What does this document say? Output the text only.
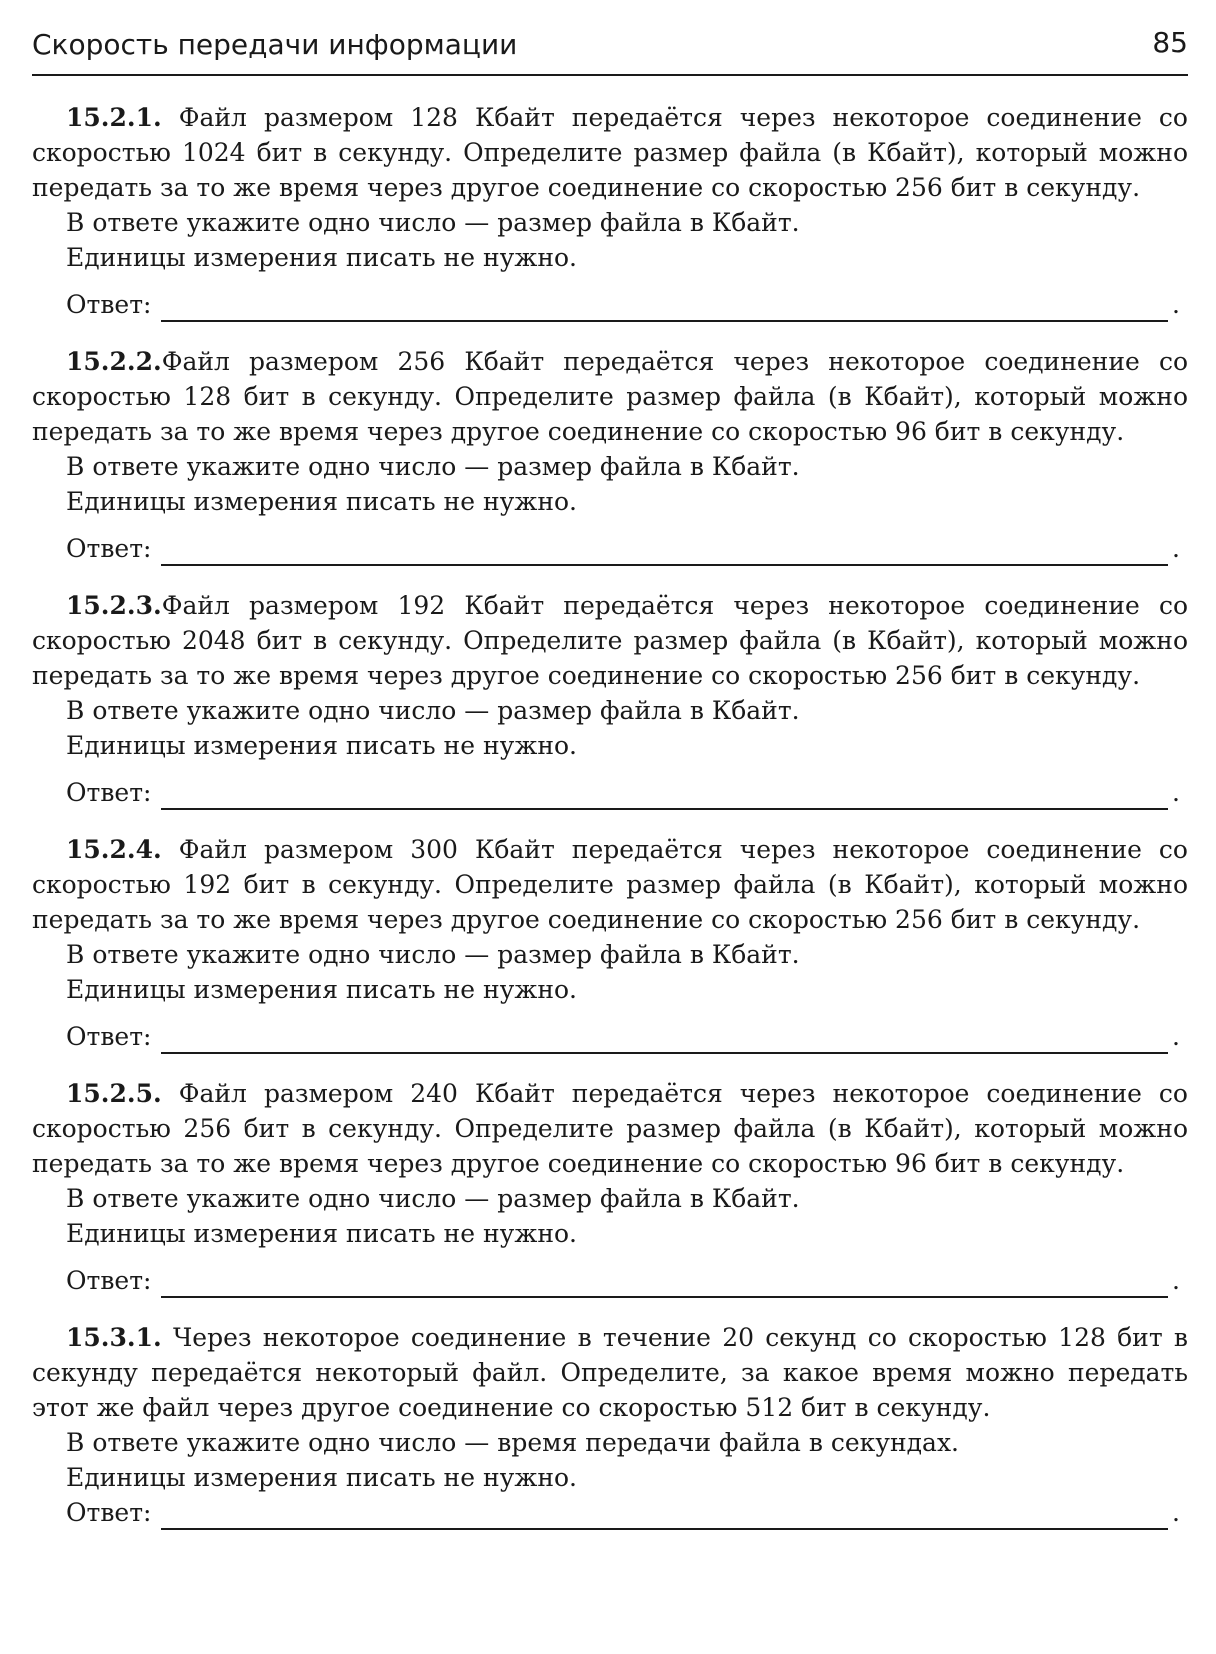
Скорость передачи информации	85

15.2.1. Файл размером 128 Кбайт передаётся через некоторое соединение со скоростью 1024 бит в секунду. Определите размер файла (в Кбайт), который можно передать за то же время через другое соединение со скоростью 256 бит в секунду.

В ответе укажите одно число — размер файла в Кбайт.

Единицы измерения писать не нужно.

Ответ:	.

15.2.2.Файл размером 256 Кбайт передаётся через некоторое соединение со скоростью 128 бит в секунду. Определите размер файла (в Кбайт), который можно передать за то же время через другое соединение со скоростью 96 бит в секунду.

В ответе укажите одно число — размер файла в Кбайт.

Единицы измерения писать не нужно.

Ответ:	.

15.2.3.Файл размером 192 Кбайт передаётся через некоторое соединение со скоростью 2048 бит в секунду. Определите размер файла (в Кбайт), который можно передать за то же время через другое соединение со скоростью 256 бит в секунду.

В ответе укажите одно число — размер файла в Кбайт.

Единицы измерения писать не нужно.

Ответ:	.

15.2.4. Файл размером 300 Кбайт передаётся через некоторое соединение со скоростью 192 бит в секунду. Определите размер файла (в Кбайт), который можно передать за то же время через другое соединение со скоростью 256 бит в секунду.

В ответе укажите одно число — размер файла в Кбайт.

Единицы измерения писать не нужно.

Ответ:	.

15.2.5. Файл размером 240 Кбайт передаётся через некоторое соединение со скоростью 256 бит в секунду. Определите размер файла (в Кбайт), который можно передать за то же время через другое соединение со скоростью 96 бит в секунду.

В ответе укажите одно число — размер файла в Кбайт.

Единицы измерения писать не нужно.

Ответ:	.

15.3.1. Через некоторое соединение в течение 20 секунд со скоростью 128 бит в секунду передаётся некоторый файл. Определите, за какое время можно передать этот же файл через другое соединение со скоростью 512 бит в секунду.

В ответе укажите одно число — время передачи файла в секундах.

Единицы измерения писать не нужно.

Ответ:	.
